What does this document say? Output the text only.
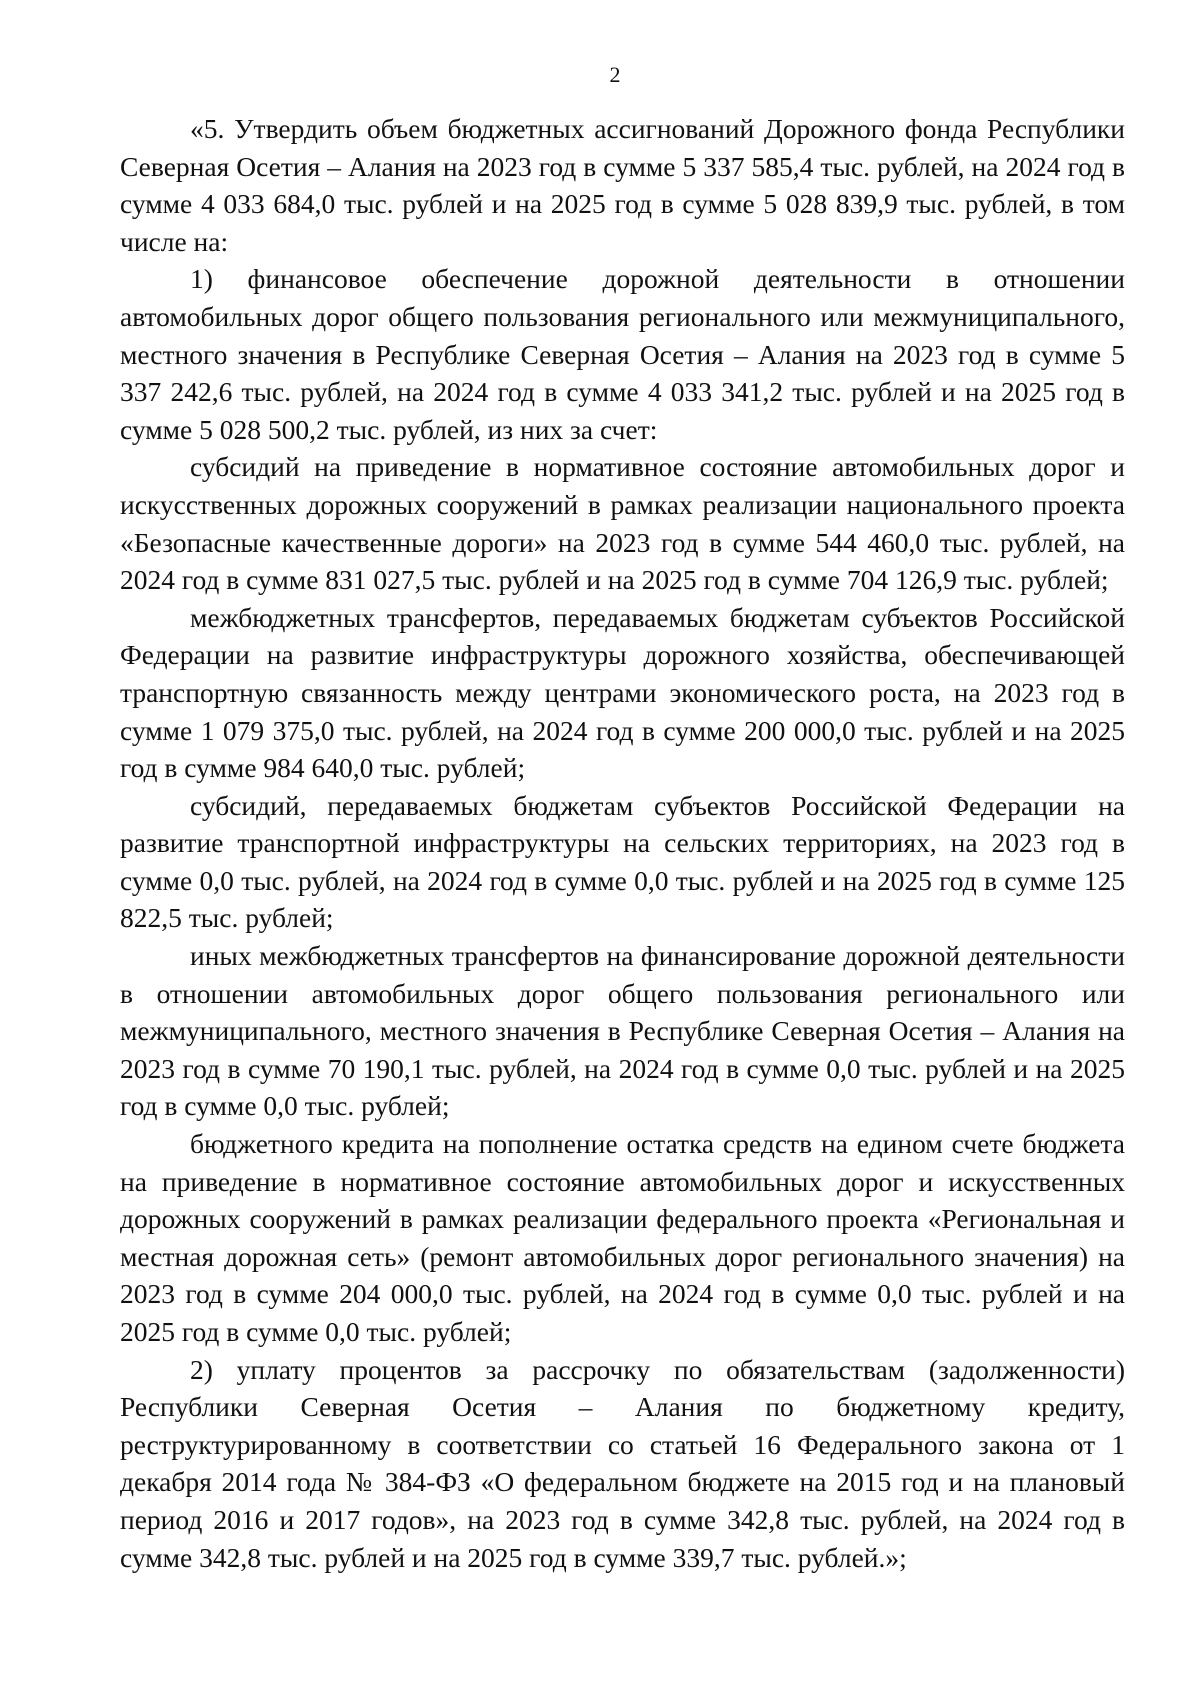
2

«5. Утвердить объем бюджетных ассигнований Дорожного фонда Республики Северная Осетия – Алания на 2023 год в сумме 5 337 585,4 тыс. рублей, на 2024 год в сумме 4 033 684,0 тыс. рублей и на 2025 год в сумме 5 028 839,9 тыс. рублей, в том числе на:

1) финансовое обеспечение дорожной деятельности в отношении автомобильных дорог общего пользования регионального или межмуниципального, местного значения в Республике Северная Осетия – Алания на 2023 год в сумме 5 337 242,6 тыс. рублей, на 2024 год в сумме 4 033 341,2 тыс. рублей и на 2025 год в сумме 5 028 500,2 тыс. рублей, из них за счет:

субсидий на приведение в нормативное состояние автомобильных дорог и искусственных дорожных сооружений в рамках реализации национального проекта «Безопасные качественные дороги» на 2023 год в сумме 544 460,0 тыс. рублей, на 2024 год в сумме 831 027,5 тыс. рублей и на 2025 год в сумме 704 126,9 тыс. рублей;

межбюджетных трансфертов, передаваемых бюджетам субъектов Российской Федерации на развитие инфраструктуры дорожного хозяйства, обеспечивающей транспортную связанность между центрами экономического роста, на 2023 год в сумме 1 079 375,0 тыс. рублей, на 2024 год в сумме 200 000,0 тыс. рублей и на 2025 год в сумме 984 640,0 тыс. рублей;

субсидий, передаваемых бюджетам субъектов Российской Федерации на развитие транспортной инфраструктуры на сельских территориях, на 2023 год в сумме 0,0 тыс. рублей, на 2024 год в сумме 0,0 тыс. рублей и на 2025 год в сумме 125 822,5 тыс. рублей;

иных межбюджетных трансфертов на финансирование дорожной деятельности в отношении автомобильных дорог общего пользования регионального или межмуниципального, местного значения в Республике Северная Осетия – Алания на 2023 год в сумме 70 190,1 тыс. рублей, на 2024 год в сумме 0,0 тыс. рублей и на 2025 год в сумме 0,0 тыс. рублей;

бюджетного кредита на пополнение остатка средств на едином счете бюджета на приведение в нормативное состояние автомобильных дорог и искусственных дорожных сооружений в рамках реализации федерального проекта «Региональная и местная дорожная сеть» (ремонт автомобильных дорог регионального значения) на 2023 год в сумме 204 000,0 тыс. рублей, на 2024 год в сумме 0,0 тыс. рублей и на 2025 год в сумме 0,0 тыс. рублей;

2) уплату процентов за рассрочку по обязательствам (задолженности) Республики Северная Осетия – Алания по бюджетному кредиту, реструктурированному в соответствии со статьей 16 Федерального закона от 1 декабря 2014 года № 384-ФЗ «О федеральном бюджете на 2015 год и на плановый период 2016 и 2017 годов», на 2023 год в сумме 342,8 тыс. рублей, на 2024 год в сумме 342,8 тыс. рублей и на 2025 год в сумме 339,7 тыс. рублей.»;
